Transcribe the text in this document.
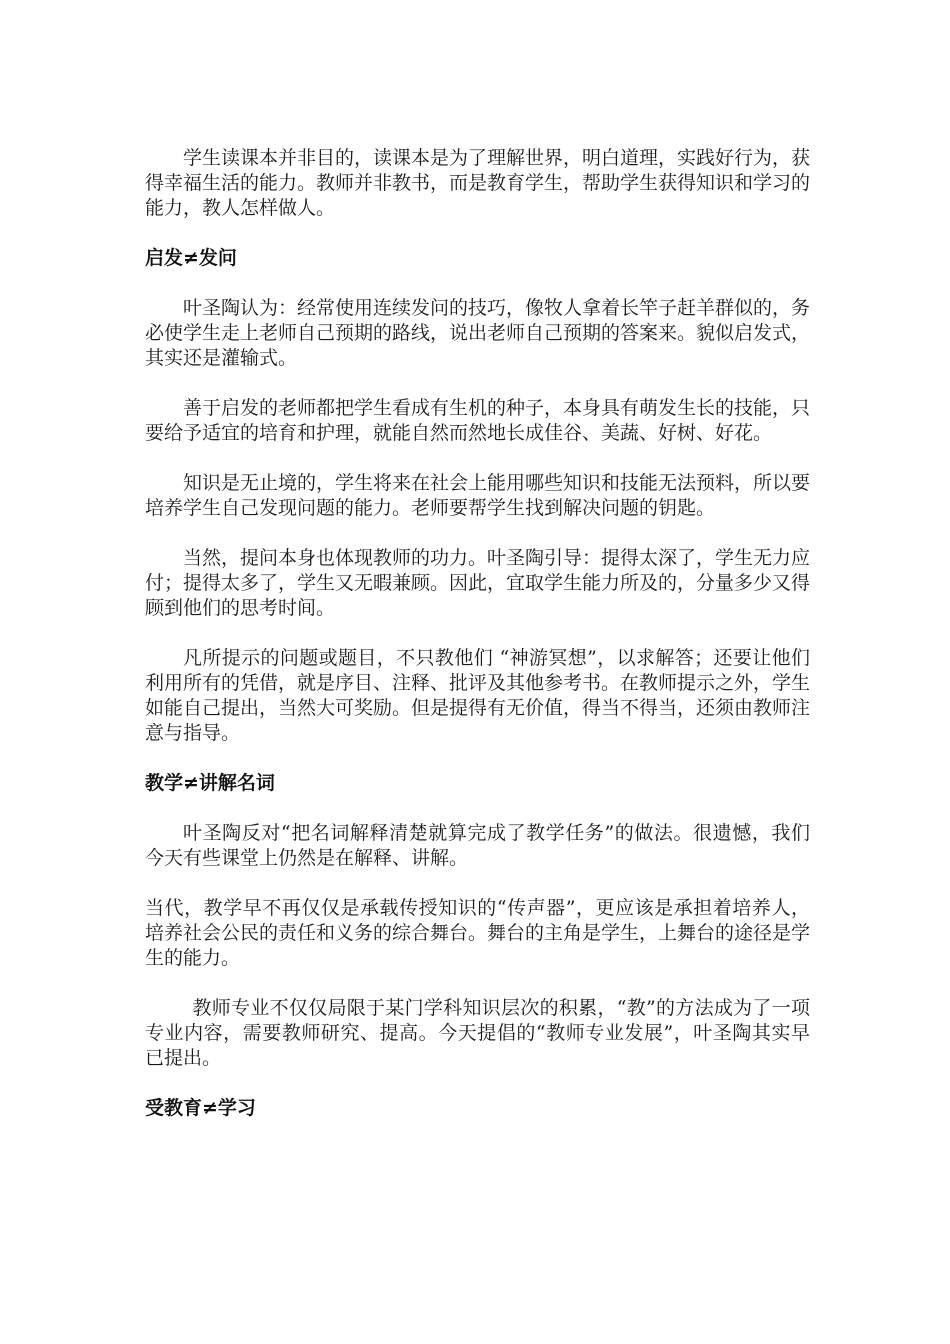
学生读课本并非目的，读课本是为了理解世界，明白道理，实践好行为，获得幸福生活的能力。教师并非教书，而是教育学生，帮助学生获得知识和学习的能力，教人怎样做人。

启发≠发问

叶圣陶认为：经常使用连续发问的技巧，像牧人拿着长竿子赶羊群似的，务必使学生走上老师自己预期的路线，说出老师自己预期的答案来。貌似启发式，其实还是灌输式。

善于启发的老师都把学生看成有生机的种子，本身具有萌发生长的技能，只要给予适宜的培育和护理，就能自然而然地长成佳谷、美蔬、好树、好花。

知识是无止境的，学生将来在社会上能用哪些知识和技能无法预料，所以要培养学生自己发现问题的能力。老师要帮学生找到解决问题的钥匙。

当然，提问本身也体现教师的功力。叶圣陶引导：提得太深了，学生无力应付；提得太多了，学生又无暇兼顾。因此，宜取学生能力所及的，分量多少又得顾到他们的思考时间。

凡所提示的问题或题目，不只教他们 “神游冥想”，以求解答；还要让他们利用所有的凭借，就是序目、注释、批评及其他参考书。在教师提示之外，学生如能自己提出，当然大可奖励。但是提得有无价值，得当不得当，还须由教师注意与指导。

教学≠讲解名词

叶圣陶反对“把名词解释清楚就算完成了教学任务”的做法。很遗憾，我们今天有些课堂上仍然是在解释、讲解。

当代，教学早不再仅仅是承载传授知识的“传声器”，更应该是承担着培养人，培养社会公民的责任和义务的综合舞台。舞台的主角是学生，上舞台的途径是学生的能力。

教师专业不仅仅局限于某门学科知识层次的积累，“教”的方法成为了一项专业内容，需要教师研究、提高。今天提倡的“教师专业发展”，叶圣陶其实早已提出。

受教育≠学习
